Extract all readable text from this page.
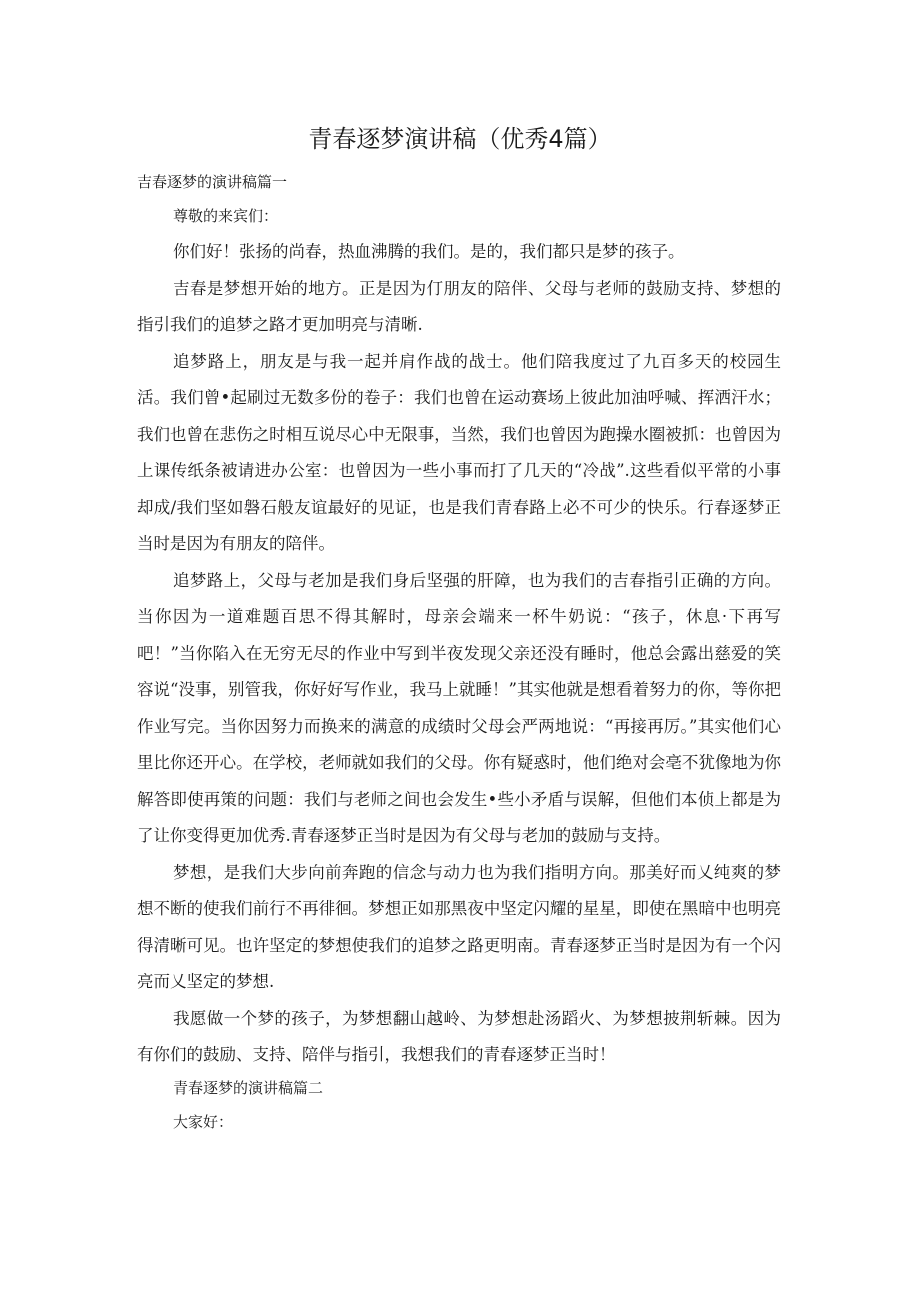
青春逐梦演讲稿（优秀4篇）

吉春逐梦的演讲稿篇一

尊敬的来宾们：

你们好！张扬的尚春，热血沸腾的我们。是的，我们都只是梦的孩子。

吉春是梦想开始的地方。正是因为仃朋友的陪伴、父母与老师的鼓励支持、梦想的指引我们的追梦之路才更加明亮与清晰.

追梦路上，朋友是与我一起并肩作战的战士。他们陪我度过了九百多天的校园生活。我们曾•起刷过无数多份的卷子：我们也曾在运动赛场上彼此加油呼喊、挥洒汗水；我们也曾在悲伤之时相互说尽心中无限事，当然，我们也曾因为跑操水圈被抓：也曾因为上课传纸条被请进办公室：也曾因为一些小事而打了几天的“冷战”.这些看似平常的小事却成/我们坚如磐石般友谊最好的见证，也是我们青春路上必不可少的快乐。行春逐梦正当时是因为有朋友的陪伴。

追梦路上，父母与老加是我们身后坚强的肝障，也为我们的吉春指引正确的方向。当你因为一道难题百思不得其解时，母亲会端来一杯牛奶说：“孩子，休息·下再写吧！”当你陷入在无穷无尽的作业中写到半夜发现父亲还没有睡时，他总会露出慈爱的笑容说“没事，别管我，你好好写作业，我马上就睡！”其实他就是想看着努力的你，等你把作业写完。当你因努力而换来的满意的成绩时父母会严两地说：“再接再厉。”其实他们心里比你还开心。在学校，老师就如我们的父母。你有疑惑时，他们绝对会亳不犹像地为你解答即使再策的问题：我们与老师之间也会发生•些小矛盾与误解，但他们本侦上都是为了让你变得更加优秀.青春逐梦正当时是因为有父母与老加的鼓励与支持。

梦想，是我们大步向前奔跑的信念与动力也为我们指明方向。那美好而乂纯爽的梦想不断的使我们前行不再徘徊。梦想正如那黑夜中坚定闪耀的星星，即使在黑暗中也明亮得清晰可见。也许坚定的梦想使我们的追梦之路更明南。青春逐梦正当时是因为有一个闪亮而乂坚定的梦想.

我愿做一个梦的孩子，为梦想翻山越岭、为梦想赴汤蹈火、为梦想披荆斩棘。因为有你们的鼓励、支持、陪伴与指引，我想我们的青春逐梦正当时！

青春逐梦的演讲稿篇二

大家好：
